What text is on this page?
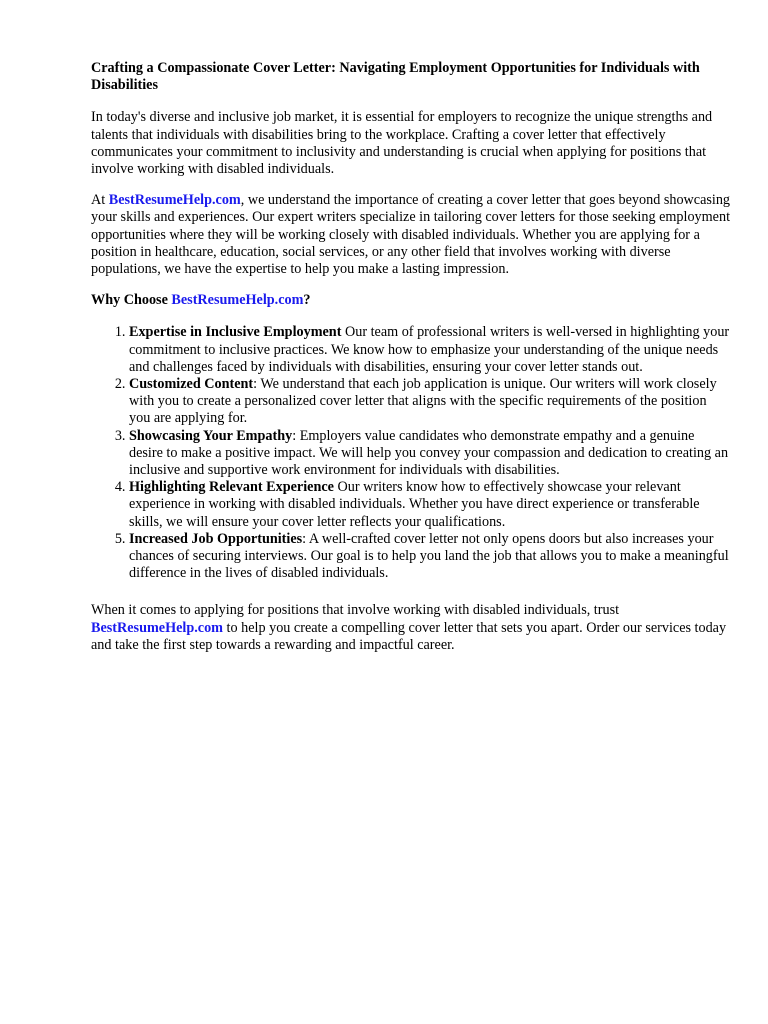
Crafting a Compassionate Cover Letter: Navigating Employment Opportunities for Individuals with Disabilities

In today's diverse and inclusive job market, it is essential for employers to recognize the unique strengths and talents that individuals with disabilities bring to the workplace. Crafting a cover letter that effectively communicates your commitment to inclusivity and understanding is crucial when applying for positions that involve working with disabled individuals.

At BestResumeHelp.com, we understand the importance of creating a cover letter that goes beyond showcasing your skills and experiences. Our expert writers specialize in tailoring cover letters for those seeking employment opportunities where they will be working closely with disabled individuals. Whether you are applying for a position in healthcare, education, social services, or any other field that involves working with diverse populations, we have the expertise to help you make a lasting impression.

Why Choose BestResumeHelp.com?
1. Expertise in Inclusive Employment Our team of professional writers is well-versed in highlighting your commitment to inclusive practices. We know how to emphasize your understanding of the unique needs and challenges faced by individuals with disabilities, ensuring your cover letter stands out.
2. Customized Content: We understand that each job application is unique. Our writers will work closely with you to create a personalized cover letter that aligns with the specific requirements of the position you are applying for.
3. Showcasing Your Empathy: Employers value candidates who demonstrate empathy and a genuine desire to make a positive impact. We will help you convey your compassion and dedication to creating an inclusive and supportive work environment for individuals with disabilities.
4. Highlighting Relevant Experience Our writers know how to effectively showcase your relevant experience in working with disabled individuals. Whether you have direct experience or transferable skills, we will ensure your cover letter reflects your qualifications.
5. Increased Job Opportunities: A well-crafted cover letter not only opens doors but also increases your chances of securing interviews. Our goal is to help you land the job that allows you to make a meaningful difference in the lives of disabled individuals.

When it comes to applying for positions that involve working with disabled individuals, trust BestResumeHelp.com to help you create a compelling cover letter that sets you apart. Order our services today and take the first step towards a rewarding and impactful career.
